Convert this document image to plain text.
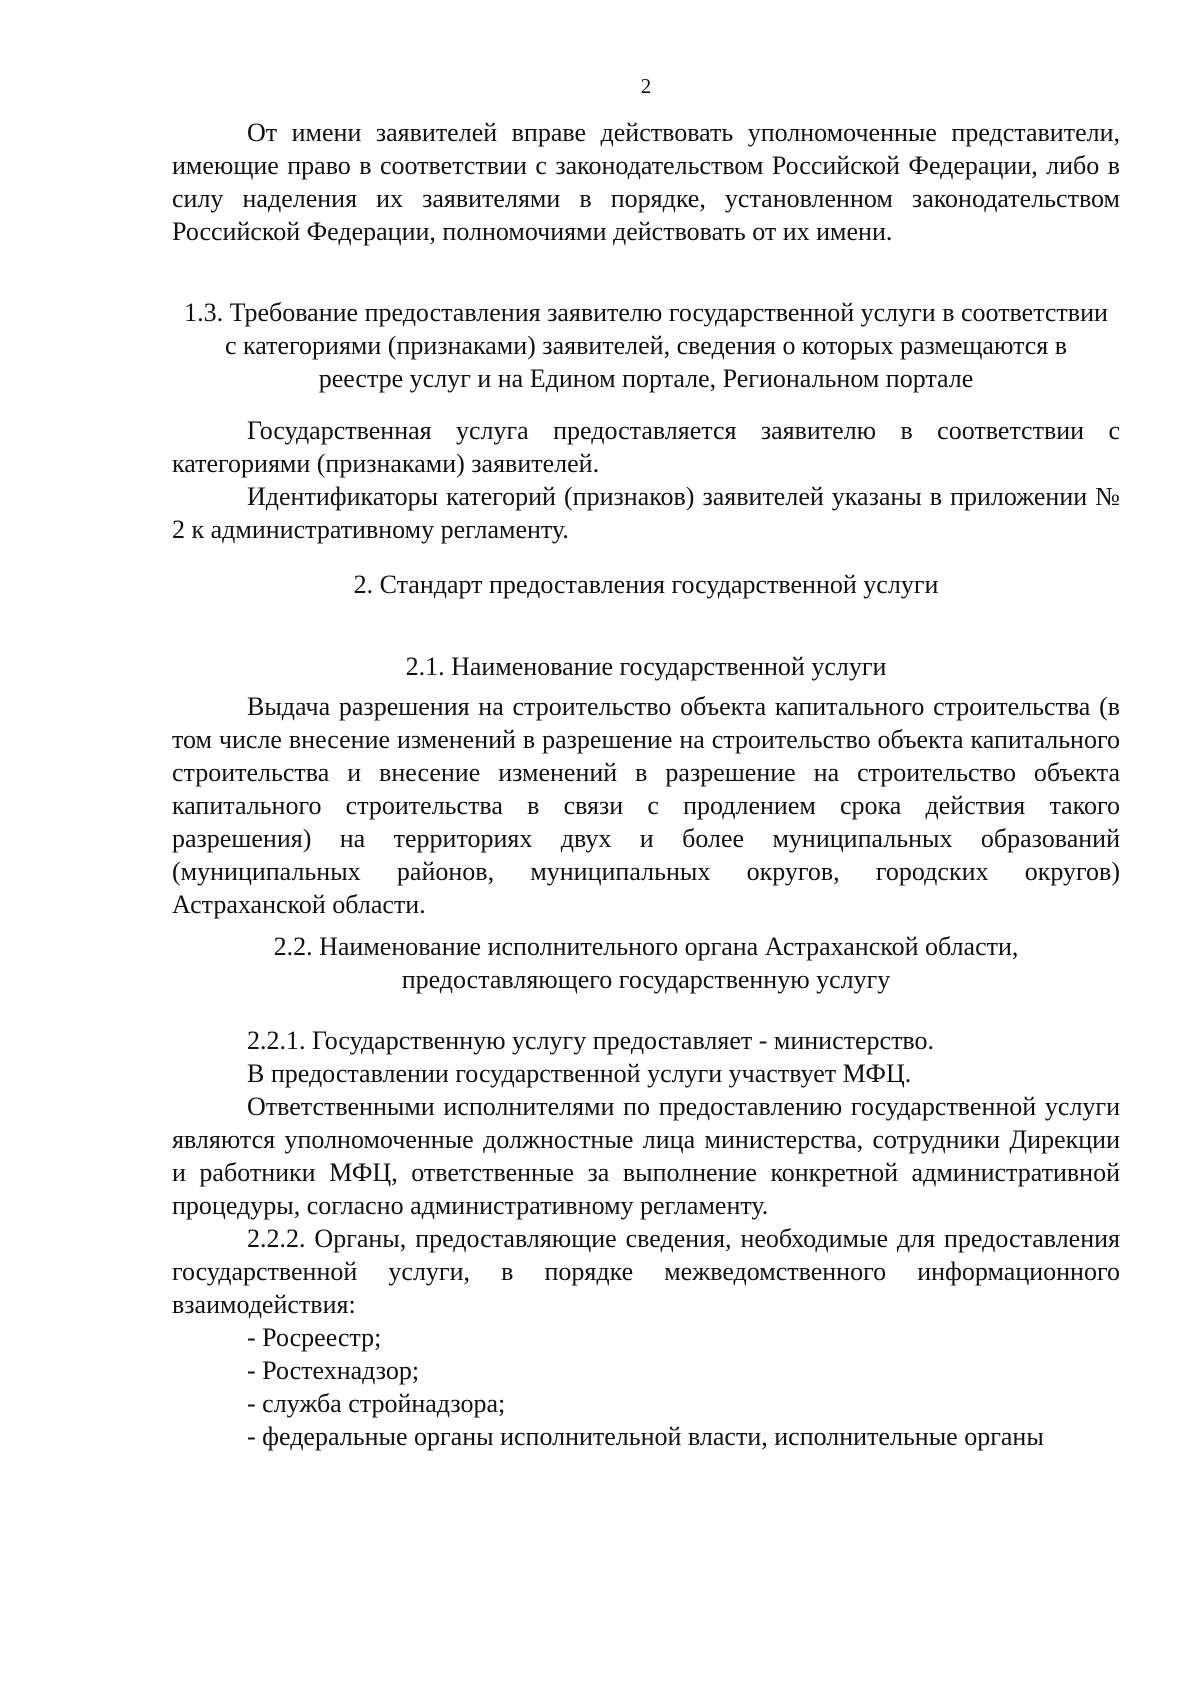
2

От имени заявителей вправе действовать уполномоченные представители, имеющие право в соответствии с законодательством Российской Федерации, либо в силу наделения их заявителями в порядке, установленном законодательством Российской Федерации, полномочиями действовать от их имени.

1.3. Требование предоставления заявителю государственной услуги в соответствии с категориями (признаками) заявителей, сведения о которых размещаются в реестре услуг и на Едином портале, Региональном портале

Государственная услуга предоставляется заявителю в соответствии с категориями (признаками) заявителей.

Идентификаторы категорий (признаков) заявителей указаны в приложении № 2 к административному регламенту.

2. Стандарт предоставления государственной услуги

2.1. Наименование государственной услуги

Выдача разрешения на строительство объекта капитального строительства (в том числе внесение изменений в разрешение на строительство объекта капитального строительства и внесение изменений в разрешение на строительство объекта капитального строительства в связи с продлением срока действия такого разрешения) на территориях двух и более муниципальных образований (муниципальных районов, муниципальных округов, городских округов) Астраханской области.

2.2. Наименование исполнительного органа Астраханской области,

предоставляющего государственную услугу

2.2.1. Государственную услугу предоставляет - министерство.

В предоставлении государственной услуги участвует МФЦ.

Ответственными исполнителями по предоставлению государственной услуги являются уполномоченные должностные лица министерства, сотрудники Дирекции и работники МФЦ, ответственные за выполнение конкретной административной процедуры, согласно административному регламенту.

2.2.2. Органы, предоставляющие сведения, необходимые для предоставления государственной услуги, в порядке межведомственного информационного взаимодействия:

- Росреестр;

- Ростехнадзор;

- служба стройнадзора;

- федеральные органы исполнительной власти, исполнительные органы
